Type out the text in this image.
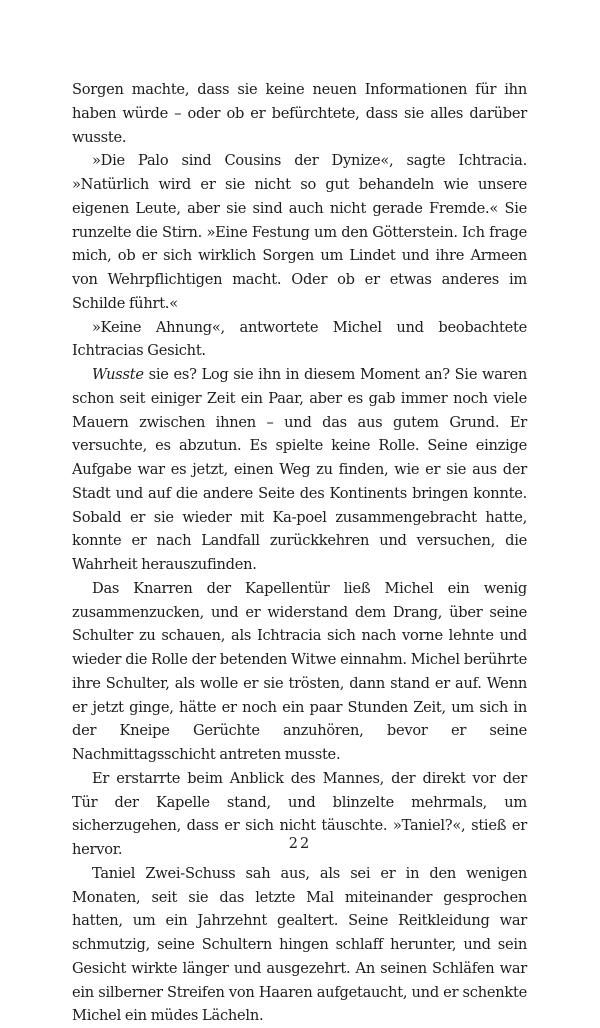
Sorgen machte, dass sie keine neuen Informationen für ihn haben würde – oder ob er befürchtete, dass sie alles darüber wusste.

»Die Palo sind Cousins der Dynize«, sagte Ichtracia. »Natürlich wird er sie nicht so gut behandeln wie unsere eigenen Leute, aber sie sind auch nicht gerade Fremde.« Sie runzelte die Stirn. »Eine Festung um den Götterstein. Ich frage mich, ob er sich wirklich Sorgen um Lindet und ihre Armeen von Wehrpflichtigen macht. Oder ob er etwas anderes im Schilde führt.«

»Keine Ahnung«, antwortete Michel und beobachtete Ichtracias Gesicht.

Wusste sie es? Log sie ihn in diesem Moment an? Sie waren schon seit einiger Zeit ein Paar, aber es gab immer noch viele Mauern zwischen ihnen – und das aus gutem Grund. Er versuchte, es abzutun. Es spielte keine Rolle. Seine einzige Aufgabe war es jetzt, einen Weg zu finden, wie er sie aus der Stadt und auf die andere Seite des Kontinents bringen konnte. Sobald er sie wieder mit Ka-poel zusammengebracht hatte, konnte er nach Landfall zurückkehren und versuchen, die Wahrheit herauszufinden.

Das Knarren der Kapellentür ließ Michel ein wenig zusammenzucken, und er widerstand dem Drang, über seine Schulter zu schauen, als Ichtracia sich nach vorne lehnte und wieder die Rolle der betenden Witwe einnahm. Michel berührte ihre Schulter, als wolle er sie trösten, dann stand er auf. Wenn er jetzt ginge, hätte er noch ein paar Stunden Zeit, um sich in der Kneipe Gerüchte anzuhören, bevor er seine Nachmittagsschicht antreten musste.

Er erstarrte beim Anblick des Mannes, der direkt vor der Tür der Kapelle stand, und blinzelte mehrmals, um sicherzugehen, dass er sich nicht täuschte. »Taniel?«, stieß er hervor.

Taniel Zwei-Schuss sah aus, als sei er in den wenigen Monaten, seit sie das letzte Mal miteinander gesprochen hatten, um ein Jahrzehnt gealtert. Seine Reitkleidung war schmutzig, seine Schultern hingen schlaff herunter, und sein Gesicht wirkte länger und ausgezehrt. An seinen Schläfen war ein silberner Streifen von Haaren aufgetaucht, und er schenkte Michel ein müdes Lächeln.

22
